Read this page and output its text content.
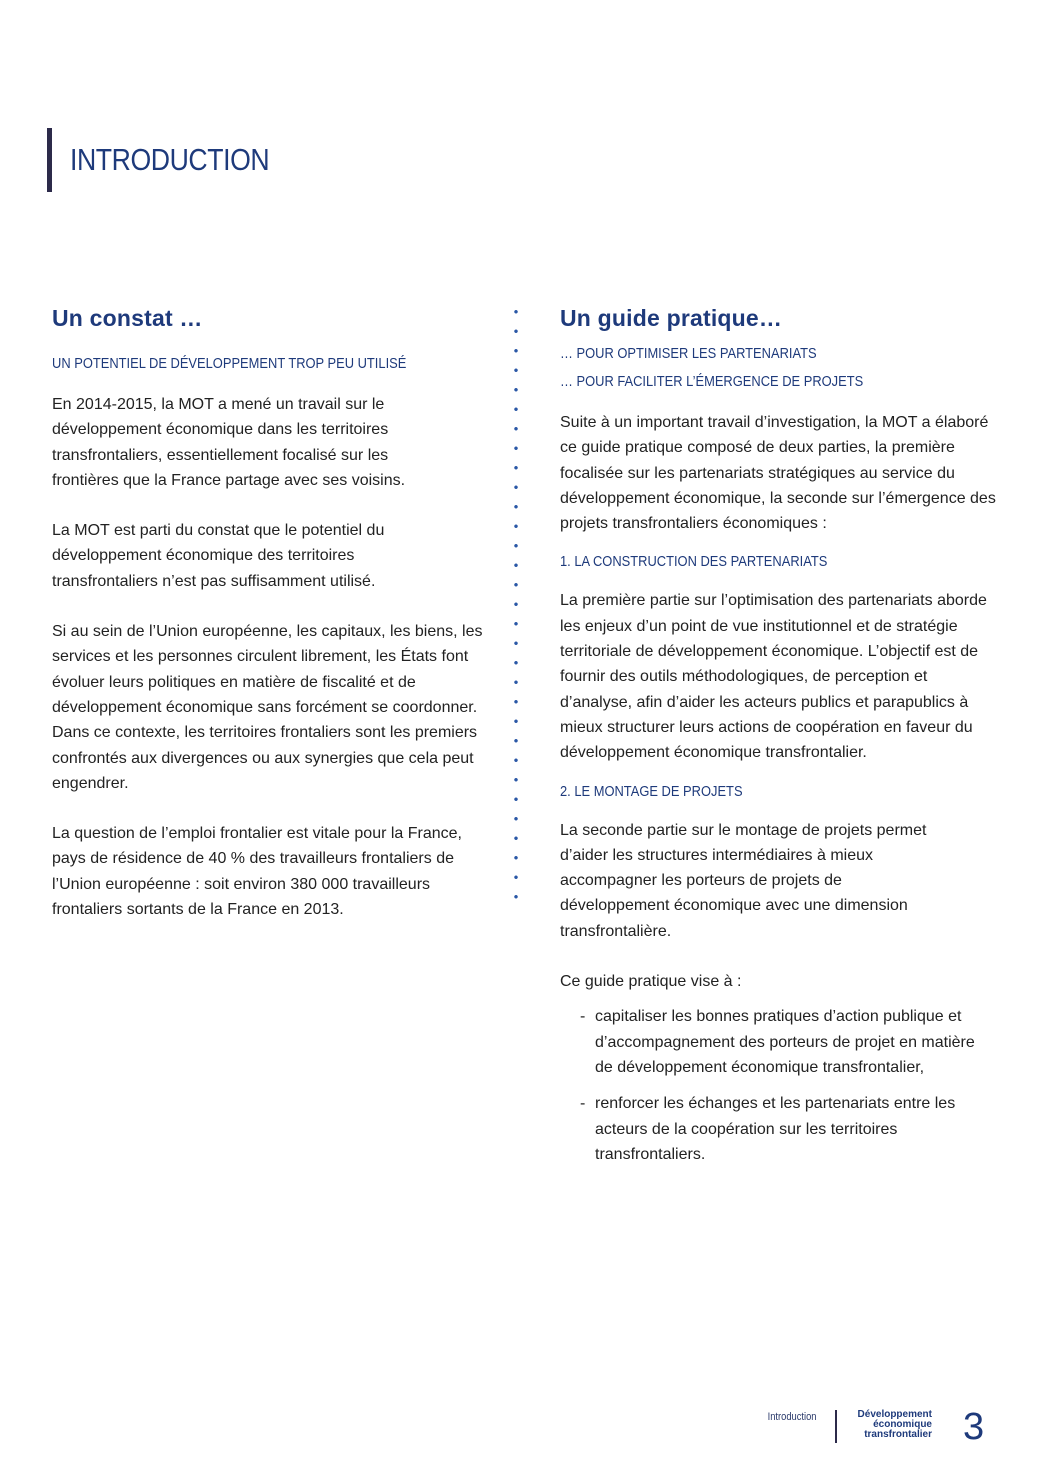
INTRODUCTION
Un constat …

UN POTENTIEL DE DÉVELOPPEMENT TROP PEU UTILISÉ

En 2014-2015, la MOT a mené un travail sur le développement économique dans les territoires transfrontaliers, essentiellement focalisé sur les frontières que la France partage avec ses voisins.

La MOT est parti du constat que le potentiel du développement économique des territoires transfrontaliers n’est pas suffisamment utilisé.

Si au sein de l’Union européenne, les capitaux, les biens, les services et les personnes circulent librement, les États font évoluer leurs politiques en matière de fiscalité et de développement économique sans forcément se coordonner. Dans ce contexte, les territoires frontaliers sont les premiers confrontés aux divergences ou aux synergies que cela peut engendrer.

La question de l’emploi frontalier est vitale pour la France, pays de résidence de 40 % des travailleurs frontaliers de l’Union européenne : soit environ 380 000 travailleurs frontaliers sortants de la France en 2013.

Un guide pratique…

… POUR OPTIMISER LES PARTENARIATS

… POUR FACILITER L’ÉMERGENCE DE PROJETS

Suite à un important travail d’investigation, la MOT a élaboré ce guide pratique composé de deux parties, la première focalisée sur les partenariats stratégiques au service du développement économique, la seconde sur l’émergence des projets transfrontaliers économiques :

1. LA CONSTRUCTION DES PARTENARIATS

La première partie sur l’optimisation des partenariats aborde les enjeux d’un point de vue institutionnel et de stratégie territoriale de développement économique. L’objectif est de fournir des outils méthodologiques, de perception et d’analyse, afin d’aider les acteurs publics et parapublics à mieux structurer leurs actions de coopération en faveur du développement économique transfrontalier.

2. LE MONTAGE DE PROJETS

La seconde partie sur le montage de projets permet d’aider les structures intermédiaires à mieux accompagner les porteurs de projets de développement économique avec une dimension transfrontalière.

Ce guide pratique vise à :

- capitaliser les bonnes pratiques d’action publique et d’accompagnement des porteurs de projet en matière de développement économique transfrontalier,
- renforcer les échanges et les partenariats entre les acteurs de la coopération sur les territoires transfrontaliers.
Introduction	Développement
économique
transfrontalier 3
